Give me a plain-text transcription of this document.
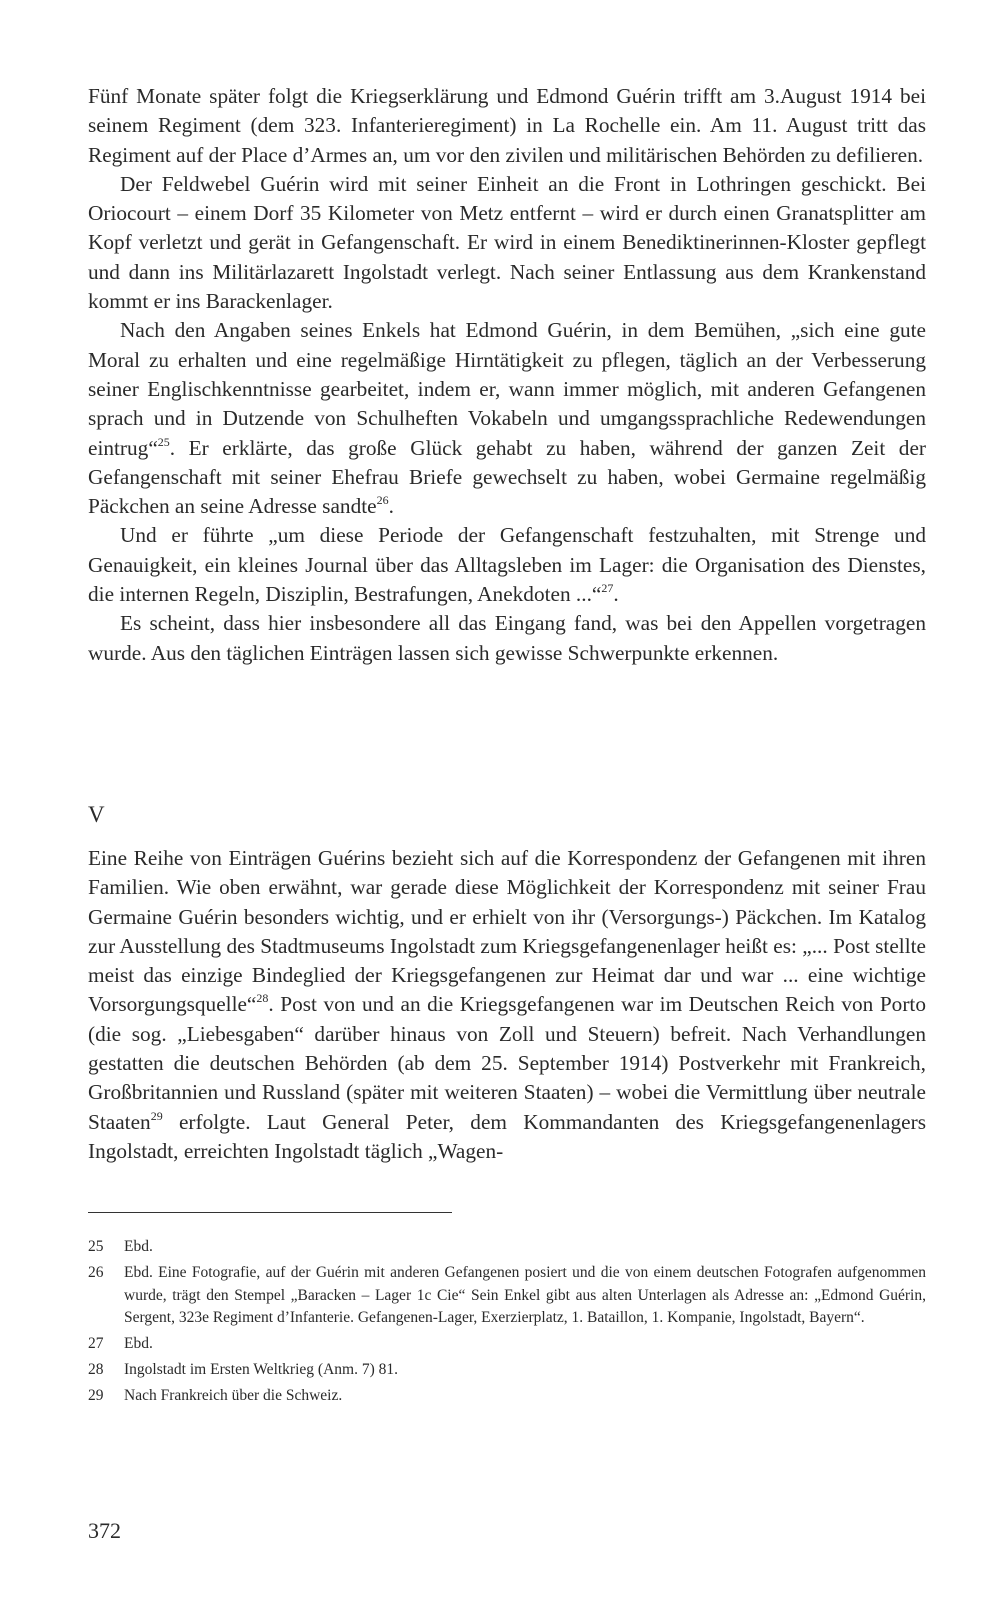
Fünf Monate später folgt die Kriegserklärung und Edmond Guérin trifft am 3.August 1914 bei seinem Regiment (dem 323. Infanterieregiment) in La Rochelle ein. Am 11. August tritt das Regiment auf der Place d’Armes an, um vor den zivilen und militärischen Behörden zu defilieren.

Der Feldwebel Guérin wird mit seiner Einheit an die Front in Lothringen geschickt. Bei Oriocourt – einem Dorf 35 Kilometer von Metz entfernt – wird er durch einen Granatsplitter am Kopf verletzt und gerät in Gefangenschaft. Er wird in einem Benediktinerinnen-Kloster gepflegt und dann ins Militärlazarett Ingolstadt verlegt. Nach seiner Entlassung aus dem Krankenstand kommt er ins Barackenlager.

Nach den Angaben seines Enkels hat Edmond Guérin, in dem Bemühen, „sich eine gute Moral zu erhalten und eine regelmäßige Hirntätigkeit zu pflegen, täglich an der Verbesserung seiner Englischkenntnisse gearbeitet, indem er, wann immer möglich, mit anderen Gefangenen sprach und in Dutzende von Schulheften Vokabeln und umgangssprachliche Redewendungen eintrug“$^{25}$. Er erklärte, das große Glück gehabt zu haben, während der ganzen Zeit der Gefangenschaft mit seiner Ehefrau Briefe gewechselt zu haben, wobei Germaine regelmäßig Päckchen an seine Adresse sandte$^{26}$.

Und er führte „um diese Periode der Gefangenschaft festzuhalten, mit Strenge und Genauigkeit, ein kleines Journal über das Alltagsleben im Lager: die Organisation des Dienstes, die internen Regeln, Disziplin, Bestrafungen, Anekdoten ...“$^{27}$.

Es scheint, dass hier insbesondere all das Eingang fand, was bei den Appellen vorgetragen wurde. Aus den täglichen Einträgen lassen sich gewisse Schwerpunkte erkennen.

V

Eine Reihe von Einträgen Guérins bezieht sich auf die Korrespondenz der Gefangenen mit ihren Familien. Wie oben erwähnt, war gerade diese Möglichkeit der Korrespondenz mit seiner Frau Germaine Guérin besonders wichtig, und er erhielt von ihr (Versorgungs-) Päckchen. Im Katalog zur Ausstellung des Stadtmuseums Ingolstadt zum Kriegsgefangenenlager heißt es: „... Post stellte meist das einzige Bindeglied der Kriegsgefangenen zur Heimat dar und war ... eine wichtige Vorsorgungsquelle“$^{28}$. Post von und an die Kriegsgefangenen war im Deutschen Reich von Porto (die sog. „Liebesgaben“ darüber hinaus von Zoll und Steuern) befreit. Nach Verhandlungen gestatten die deutschen Behörden (ab dem 25. September 1914) Postverkehr mit Frankreich, Großbritannien und Russland (später mit weiteren Staaten) – wobei die Vermittlung über neutrale Staaten$^{29}$ erfolgte. Laut General Peter, dem Kommandanten des Kriegsgefangenenlagers Ingolstadt, erreichten Ingolstadt täglich „Wagen-

25	Ebd.
26	Ebd. Eine Fotografie, auf der Guérin mit anderen Gefangenen posiert und die von einem deutschen Fotografen aufgenommen wurde, trägt den Stempel „Baracken – Lager 1c Cie“ Sein Enkel gibt aus alten Unterlagen als Adresse an: „Edmond Guérin, Sergent, 323e Regiment d’Infanterie. Gefangenen-Lager, Exerzierplatz, 1. Bataillon, 1. Kompanie, Ingolstadt, Bayern“.
27	Ebd.
28	Ingolstadt im Ersten Weltkrieg (Anm. 7) 81.
29	Nach Frankreich über die Schweiz.
372
